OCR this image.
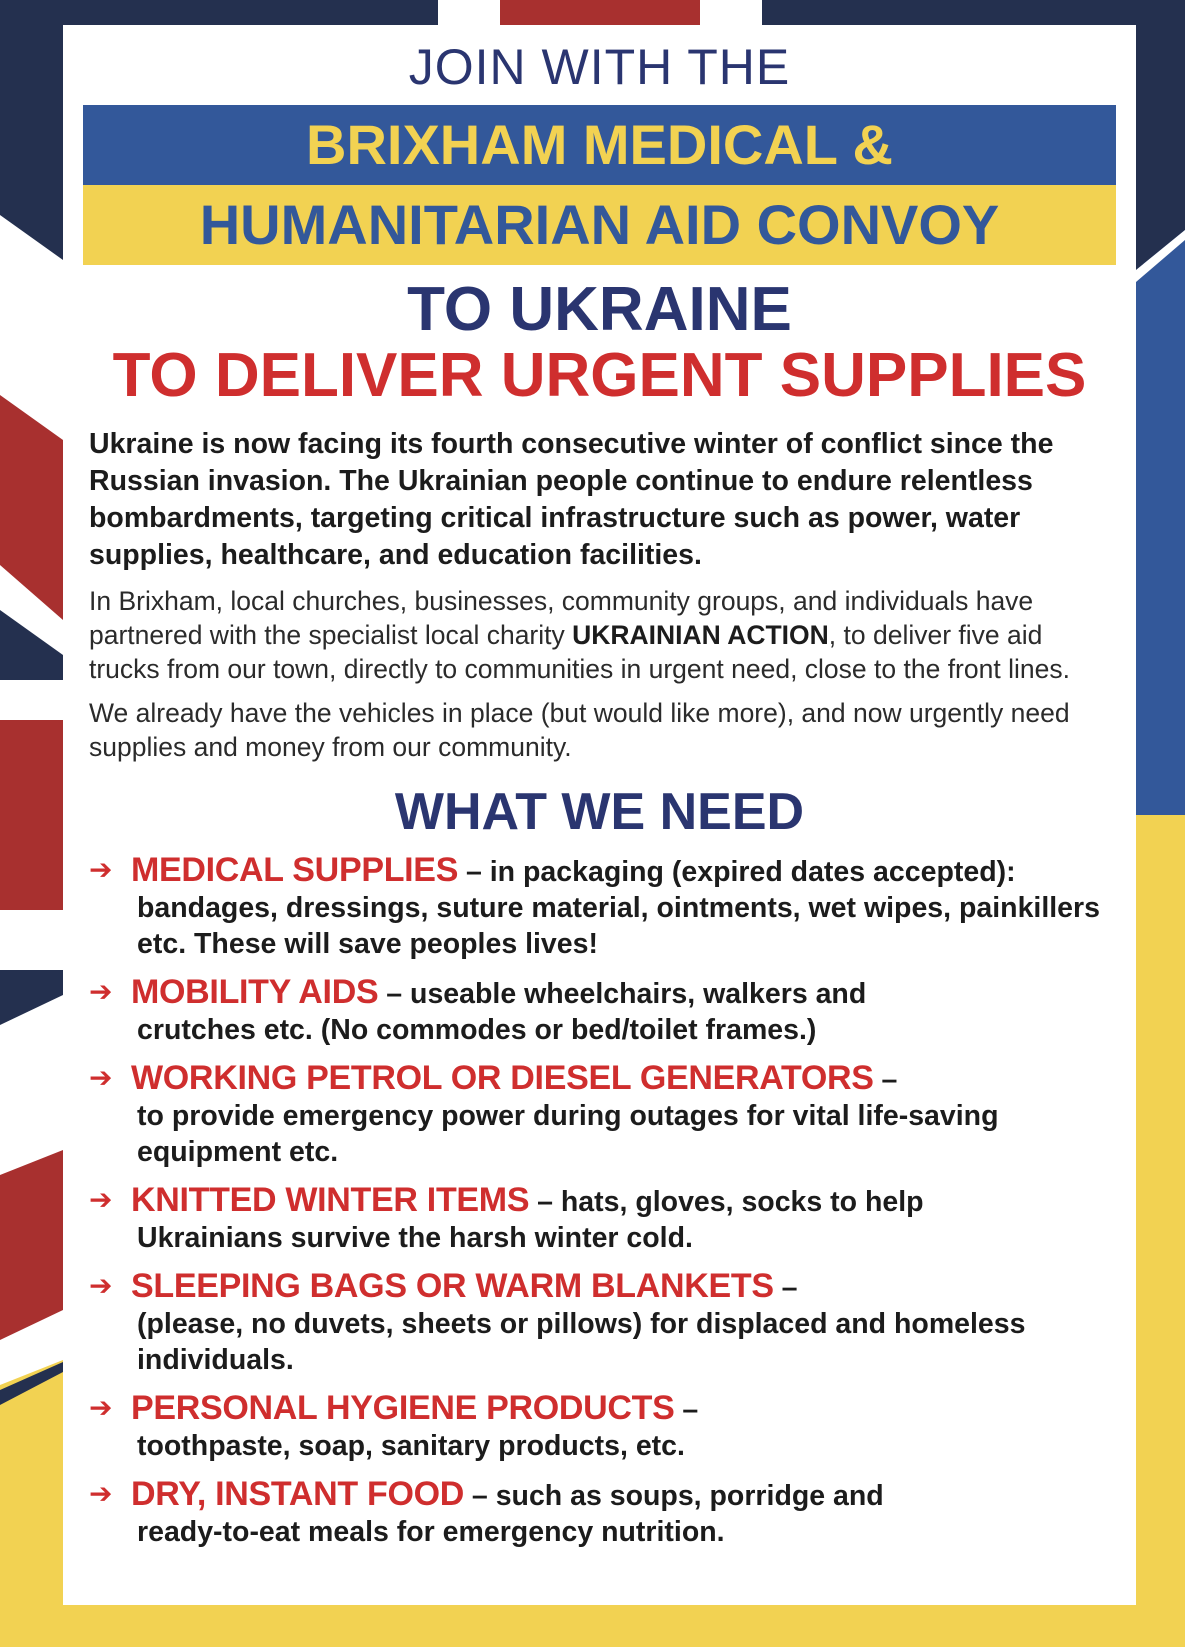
JOIN WITH THE
BRIXHAM MEDICAL &
HUMANITARIAN AID CONVOY
TO UKRAINE
TO DELIVER URGENT SUPPLIES

Ukraine is now facing its fourth consecutive winter of conflict since the Russian invasion. The Ukrainian people continue to endure relentless bombardments, targeting critical infrastructure such as power, water supplies, healthcare, and education facilities.

In Brixham, local churches, businesses, community groups, and individuals have partnered with the specialist local charity UKRAINIAN ACTION, to deliver five aid trucks from our town, directly to communities in urgent need, close to the front lines.

We already have the vehicles in place (but would like more), and now urgently need supplies and money from our community.

WHAT WE NEED
➔ MEDICAL SUPPLIES – in packaging (expired dates accepted):
bandages, dressings, suture material, ointments, wet wipes, painkillers etc. These will save peoples lives!
➔ MOBILITY AIDS – useable wheelchairs, walkers and
crutches etc. (No commodes or bed/toilet frames.)
➔ WORKING PETROL OR DIESEL GENERATORS –
to provide emergency power during outages for vital life-saving equipment etc.
➔ KNITTED WINTER ITEMS – hats, gloves, socks to help
Ukrainians survive the harsh winter cold.
➔ SLEEPING BAGS OR WARM BLANKETS –
(please, no duvets, sheets or pillows) for displaced and homeless individuals.
➔ PERSONAL HYGIENE PRODUCTS –
toothpaste, soap, sanitary products, etc.
➔ DRY, INSTANT FOOD – such as soups, porridge and
ready-to-eat meals for emergency nutrition.
